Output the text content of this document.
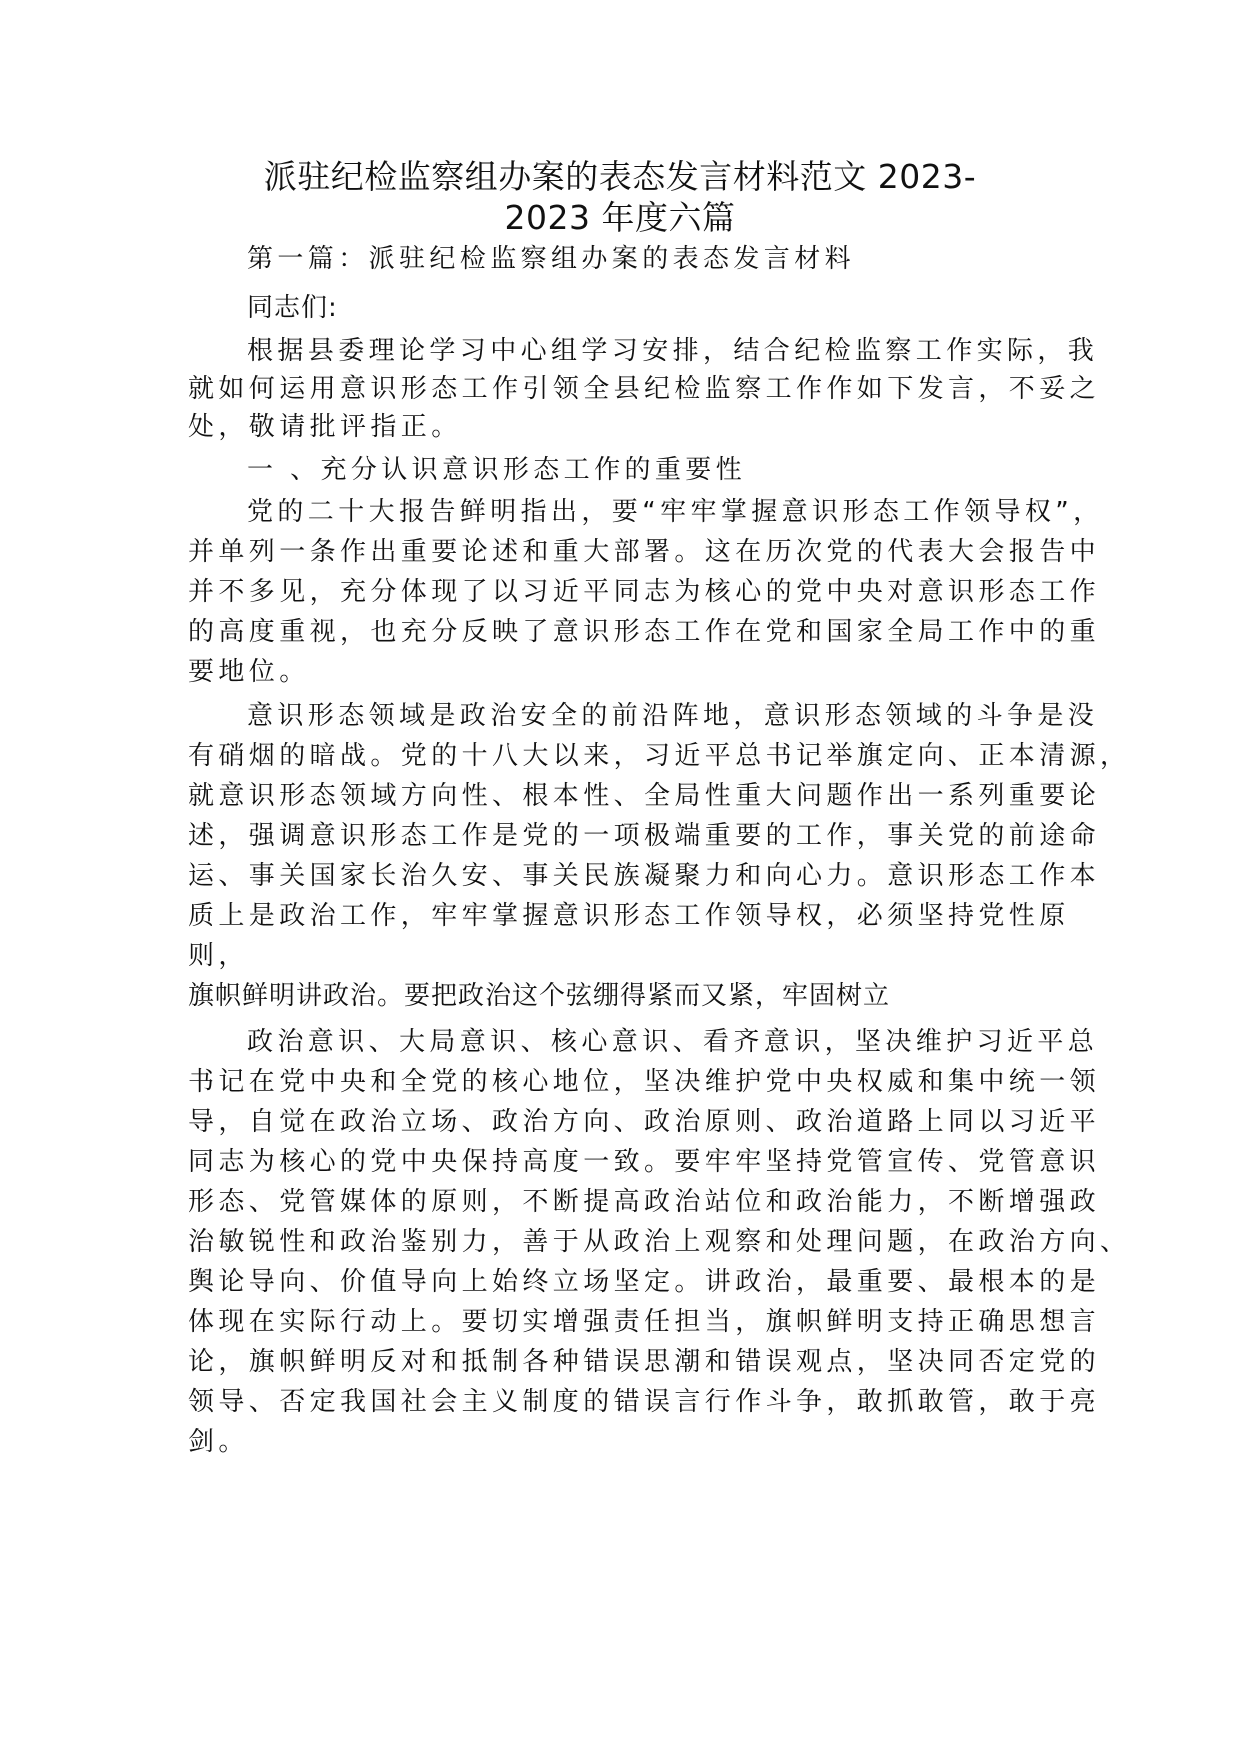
派驻纪检监察组办案的表态发言材料范文 2023-
2023 年度六篇
第一篇：派驻纪检监察组办案的表态发言材料
同志们:
根据县委理论学习中心组学习安排，结合纪检监察工作实际，我
就如何运用意识形态工作引领全县纪检监察工作作如下发言，不妥之
处，敬请批评指正。
一 、充分认识意识形态工作的重要性
党的二十大报告鲜明指出，要“牢牢掌握意识形态工作领导权”，
并单列一条作出重要论述和重大部署。这在历次党的代表大会报告中
并不多见，充分体现了以习近平同志为核心的党中央对意识形态工作
的高度重视，也充分反映了意识形态工作在党和国家全局工作中的重
要地位。
意识形态领域是政治安全的前沿阵地，意识形态领域的斗争是没
有硝烟的暗战。党的十八大以来，习近平总书记举旗定向、正本清源，
就意识形态领域方向性、根本性、全局性重大问题作出一系列重要论
述，强调意识形态工作是党的一项极端重要的工作，事关党的前途命
运、事关国家长治久安、事关民族凝聚力和向心力。意识形态工作本
质上是政治工作，牢牢掌握意识形态工作领导权，必须坚持党性原
则，
旗帜鲜明讲政治。要把政治这个弦绷得紧而又紧，牢固树立
政治意识、大局意识、核心意识、看齐意识，坚决维护习近平总
书记在党中央和全党的核心地位，坚决维护党中央权威和集中统一领
导，自觉在政治立场、政治方向、政治原则、政治道路上同以习近平
同志为核心的党中央保持高度一致。要牢牢坚持党管宣传、党管意识
形态、党管媒体的原则，不断提高政治站位和政治能力，不断增强政
治敏锐性和政治鉴别力，善于从政治上观察和处理问题，在政治方向、
舆论导向、价值导向上始终立场坚定。讲政治，最重要、最根本的是
体现在实际行动上。要切实增强责任担当，旗帜鲜明支持正确思想言
论，旗帜鲜明反对和抵制各种错误思潮和错误观点，坚决同否定党的
领导、否定我国社会主义制度的错误言行作斗争，敢抓敢管，敢于亮
剑。
